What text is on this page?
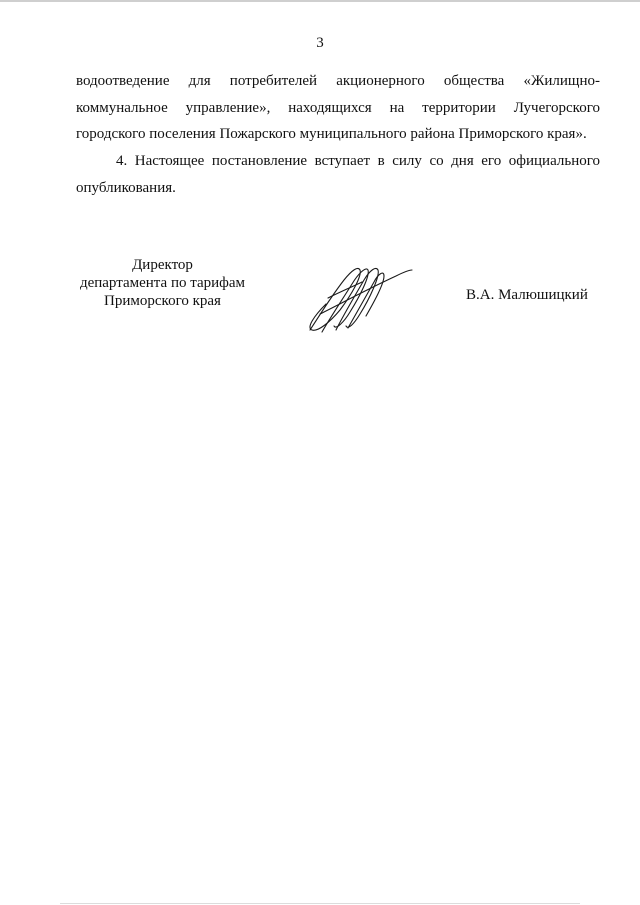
3
водоотведение для потребителей акционерного общества «Жилищно-
коммунальное управление», находящихся на территории Лучегорского
городского поселения Пожарского муниципального района Приморского края».
4. Настоящее постановление вступает в силу со дня его официального
опубликования.
Директор
департамента по тарифам
Приморского края	В.А. Малюшицкий
